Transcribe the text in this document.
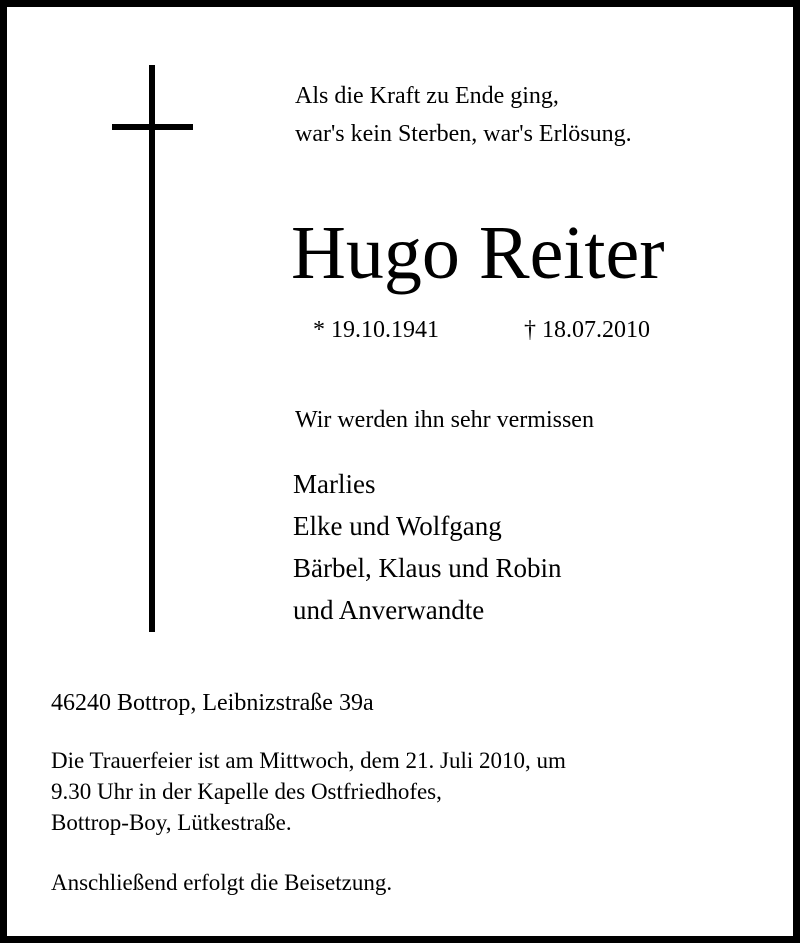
Als die Kraft zu Ende ging,
war's kein Sterben, war's Erlösung.
Hugo Reiter
* 19.10.1941	† 18.07.2010
Wir werden ihn sehr vermissen
Marlies
Elke und Wolfgang
Bärbel, Klaus und Robin
und Anverwandte
46240 Bottrop, Leibnizstraße 39a
Die Trauerfeier ist am Mittwoch, dem 21. Juli 2010, um
9.30 Uhr in der Kapelle des Ostfriedhofes,
Bottrop-Boy, Lütkestraße.
Anschließend erfolgt die Beisetzung.
